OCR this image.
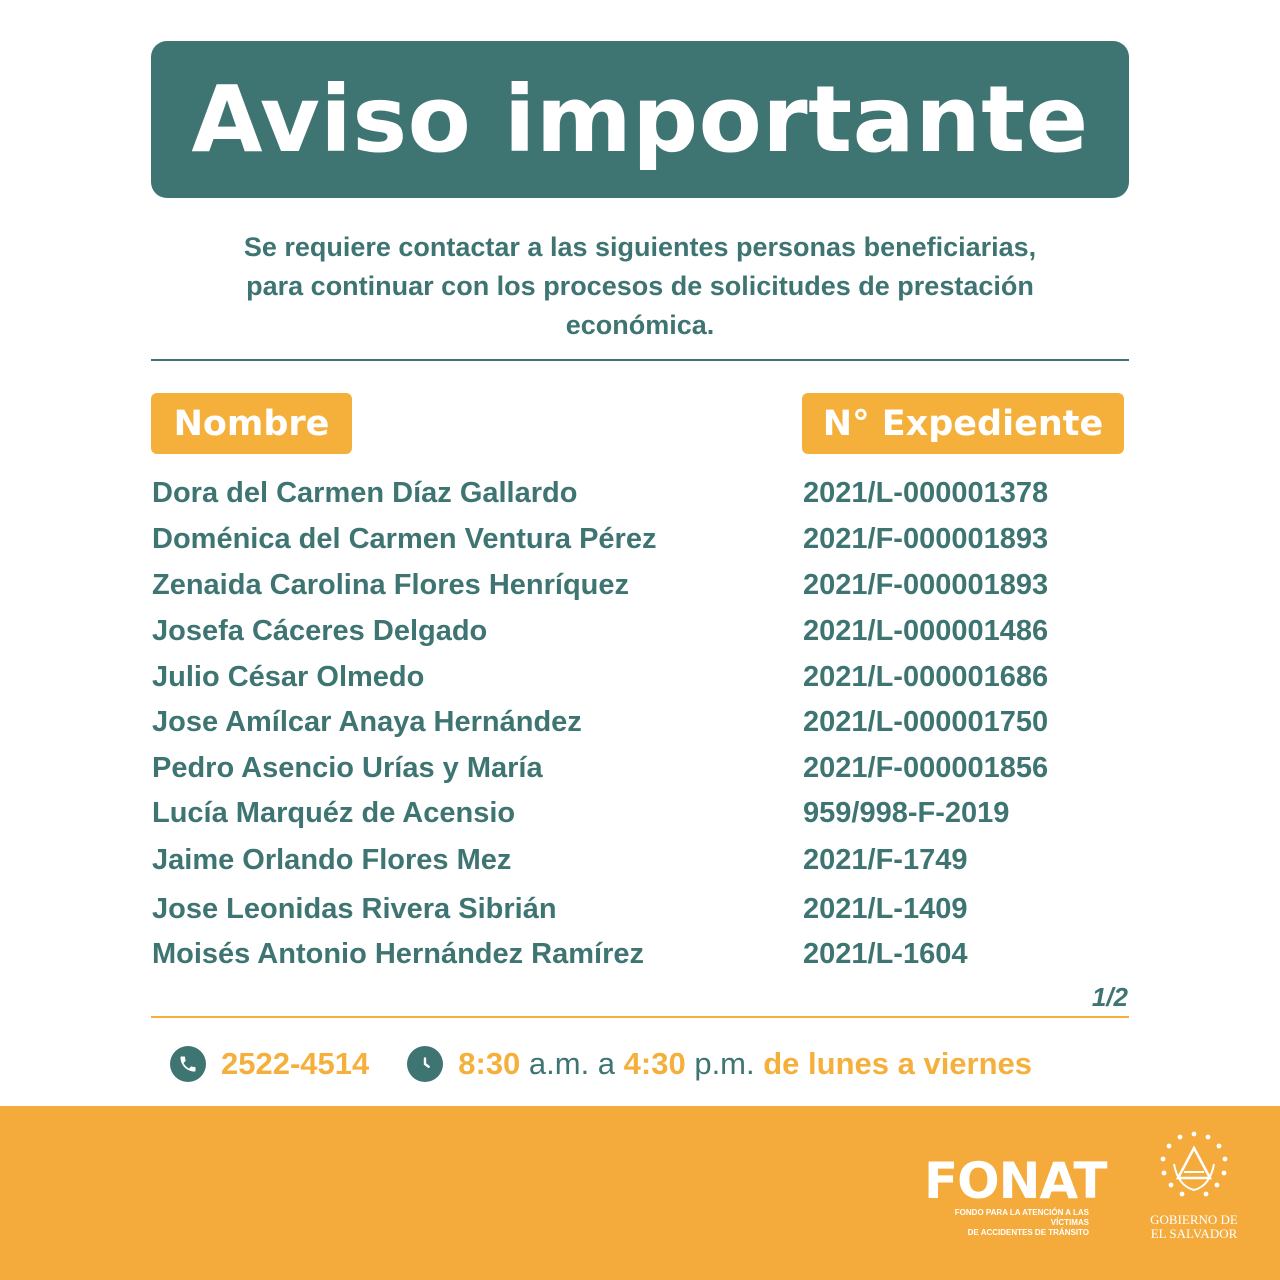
Aviso importante
Se requiere contactar a las siguientes personas beneficiarias,
para continuar con los procesos de solicitudes de prestación
económica.
Nombre	N° Expediente
Dora del Carmen Díaz Gallardo	2021/L-000001378
Doménica del Carmen Ventura Pérez	2021/F-000001893
Zenaida Carolina Flores Henríquez	2021/F-000001893
Josefa Cáceres Delgado	2021/L-000001486
Julio César Olmedo	2021/L-000001686
Jose Amílcar Anaya Hernández	2021/L-000001750
Pedro Asencio Urías y María	2021/F-000001856
Lucía Marquéz de Acensio	959/998-F-2019
Jaime Orlando Flores Mez	2021/F-1749
Jose Leonidas Rivera Sibrián	2021/L-1409
Moisés Antonio Hernández Ramírez	2021/L-1604
1/2
2522-4514	8:30 a.m. a 4:30 p.m. de lunes a viernes
FONAT
FONDO PARA LA ATENCIÓN A LAS VÍCTIMAS
DE ACCIDENTES DE TRÁNSITO
GOBIERNO DE
EL SALVADOR
